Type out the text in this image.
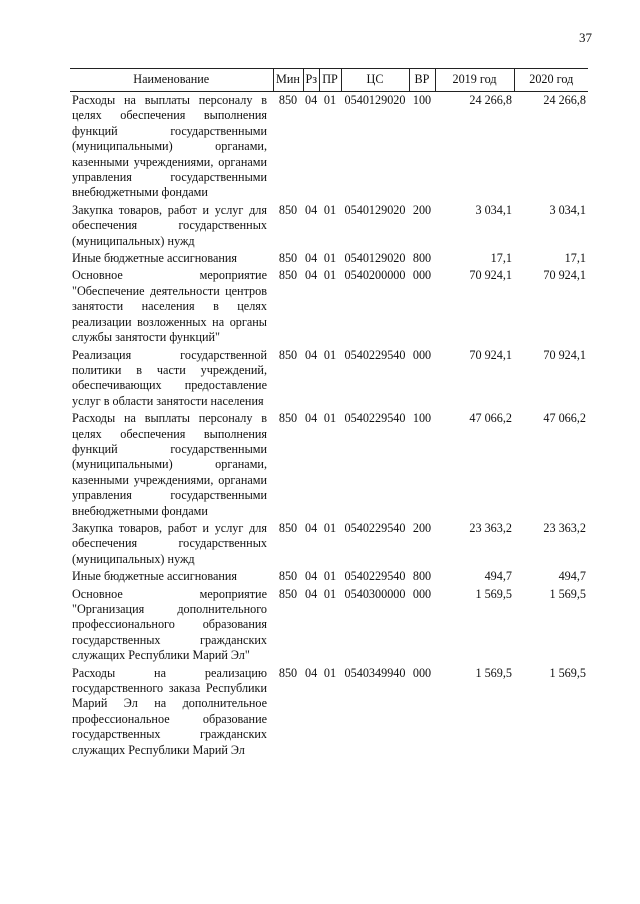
37
Наименование	Мин	Рз	ПР	ЦС	ВР	2019 год	2020 год
Расходы на выплаты персоналу в целях обеспечения выполнения функций государственными (муниципальными) органами, казенными учреждениями, органами управления государственными внебюджетными фондами	850	04	01	0540129020	100	24 266,8	24 266,8
Закупка товаров, работ и услуг для обеспечения государственных (муниципальных) нужд	850	04	01	0540129020	200	3 034,1	3 034,1
Иные бюджетные ассигнования	850	04	01	0540129020	800	17,1	17,1
Основное мероприятие "Обеспечение деятельности центров занятости населения в целях реализации возложенных на органы службы занятости функций"	850	04	01	0540200000	000	70 924,1	70 924,1
Реализация государственной политики в части учреждений, обеспечивающих предоставление услуг в области занятости населения	850	04	01	0540229540	000	70 924,1	70 924,1
Расходы на выплаты персоналу в целях обеспечения выполнения функций государственными (муниципальными) органами, казенными учреждениями, органами управления государственными внебюджетными фондами	850	04	01	0540229540	100	47 066,2	47 066,2
Закупка товаров, работ и услуг для обеспечения государственных (муниципальных) нужд	850	04	01	0540229540	200	23 363,2	23 363,2
Иные бюджетные ассигнования	850	04	01	0540229540	800	494,7	494,7
Основное мероприятие "Организация дополнительного профессионального образования государственных гражданских служащих Республики Марий Эл"	850	04	01	0540300000	000	1 569,5	1 569,5
Расходы на реализацию государственного заказа Республики Марий Эл на дополнительное профессиональное образование государственных гражданских служащих Республики Марий Эл	850	04	01	0540349940	000	1 569,5	1 569,5
